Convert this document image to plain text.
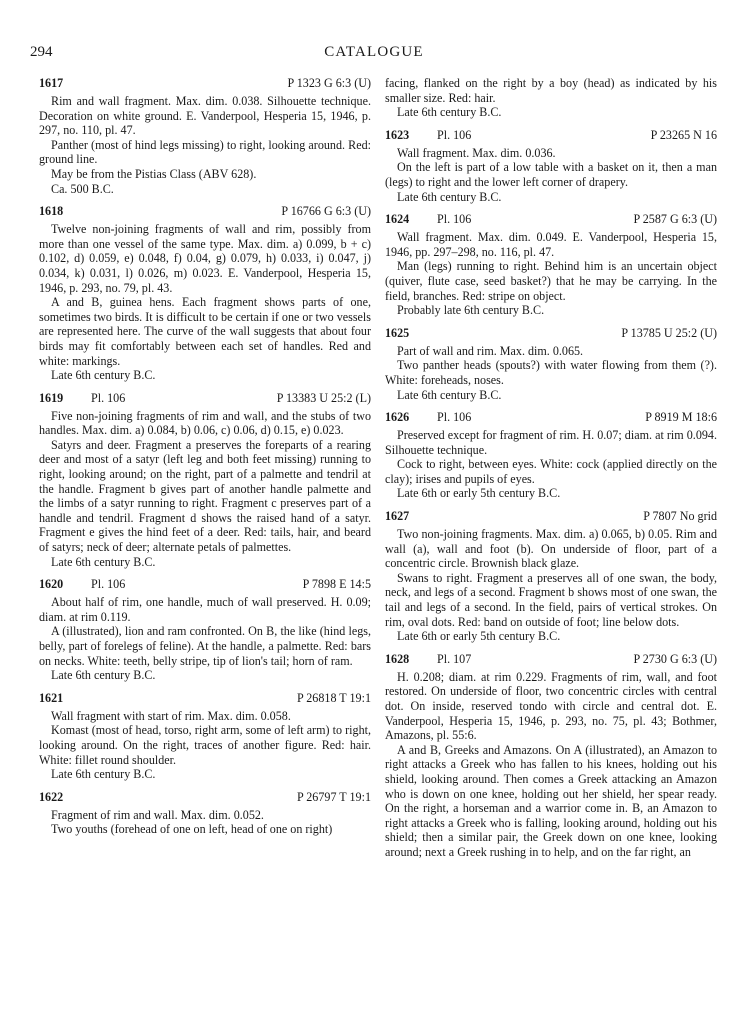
294	CATALOGUE
1617	P 1323 G 6:3 (U)

Rim and wall fragment. Max. dim. 0.038. Silhouette technique. Decoration on white ground. E. Vanderpool, Hesperia 15, 1946, p. 297, no. 110, pl. 47.

Panther (most of hind legs missing) to right, looking around. Red: ground line.

May be from the Pistias Class (ABV 628).

Ca. 500 B.C.

1618	P 16766 G 6:3 (U)

Twelve non-joining fragments of wall and rim, possibly from more than one vessel of the same type. Max. dim. a) 0.099, b + c) 0.102, d) 0.059, e) 0.048, f) 0.04, g) 0.079, h) 0.033, i) 0.047, j) 0.034, k) 0.031, l) 0.026, m) 0.023. E. Vanderpool, Hesperia 15, 1946, p. 293, no. 79, pl. 43.

A and B, guinea hens. Each fragment shows parts of one, sometimes two birds. It is difficult to be certain if one or two vessels are represented here. The curve of the wall suggests that about four birds may fit comfortably between each set of handles. Red and white: markings.

Late 6th century B.C.

1619 Pl. 106	P 13383 U 25:2 (L)

Five non-joining fragments of rim and wall, and the stubs of two handles. Max. dim. a) 0.084, b) 0.06, c) 0.06, d) 0.15, e) 0.023.

Satyrs and deer. Fragment a preserves the foreparts of a rearing deer and most of a satyr (left leg and both feet missing) running to right, looking around; on the right, part of a palmette and tendril at the handle. Fragment b gives part of another handle palmette and the limbs of a satyr running to right. Fragment c preserves part of a handle and tendril. Fragment d shows the raised hand of a satyr. Fragment e gives the hind feet of a deer. Red: tails, hair, and beard of satyrs; neck of deer; alternate petals of palmettes.

Late 6th century B.C.

1620 Pl. 106	P 7898 E 14:5

About half of rim, one handle, much of wall preserved. H. 0.09; diam. at rim 0.119.

A (illustrated), lion and ram confronted. On B, the like (hind legs, belly, part of forelegs of feline). At the handle, a palmette. Red: bars on necks. White: teeth, belly stripe, tip of lion's tail; horn of ram.

Late 6th century B.C.

1621	P 26818 T 19:1

Wall fragment with start of rim. Max. dim. 0.058.

Komast (most of head, torso, right arm, some of left arm) to right, looking around. On the right, traces of another figure. Red: hair. White: fillet round shoulder.

Late 6th century B.C.

1622	P 26797 T 19:1

Fragment of rim and wall. Max. dim. 0.052.

Two youths (forehead of one on left, head of one on right)

facing, flanked on the right by a boy (head) as indicated by his smaller size. Red: hair.

Late 6th century B.C.

1623 Pl. 106	P 23265 N 16

Wall fragment. Max. dim. 0.036.

On the left is part of a low table with a basket on it, then a man (legs) to right and the lower left corner of drapery.

Late 6th century B.C.

1624 Pl. 106	P 2587 G 6:3 (U)

Wall fragment. Max. dim. 0.049. E. Vanderpool, Hesperia 15, 1946, pp. 297–298, no. 116, pl. 47.

Man (legs) running to right. Behind him is an uncertain object (quiver, flute case, seed basket?) that he may be carrying. In the field, branches. Red: stripe on object.

Probably late 6th century B.C.

1625	P 13785 U 25:2 (U)

Part of wall and rim. Max. dim. 0.065.

Two panther heads (spouts?) with water flowing from them (?). White: foreheads, noses.

Late 6th century B.C.

1626 Pl. 106	P 8919 M 18:6

Preserved except for fragment of rim. H. 0.07; diam. at rim 0.094. Silhouette technique.

Cock to right, between eyes. White: cock (applied directly on the clay); irises and pupils of eyes.

Late 6th or early 5th century B.C.

1627	P 7807 No grid

Two non-joining fragments. Max. dim. a) 0.065, b) 0.05. Rim and wall (a), wall and foot (b). On underside of floor, part of a concentric circle. Brownish black glaze.

Swans to right. Fragment a preserves all of one swan, the body, neck, and legs of a second. Fragment b shows most of one swan, the tail and legs of a second. In the field, pairs of vertical strokes. On rim, oval dots. Red: band on outside of foot; line below dots.

Late 6th or early 5th century B.C.

1628 Pl. 107	P 2730 G 6:3 (U)

H. 0.208; diam. at rim 0.229. Fragments of rim, wall, and foot restored. On underside of floor, two concentric circles with central dot. On inside, reserved tondo with circle and central dot. E. Vanderpool, Hesperia 15, 1946, p. 293, no. 75, pl. 43; Bothmer, Amazons, pl. 55:6.

A and B, Greeks and Amazons. On A (illustrated), an Amazon to right attacks a Greek who has fallen to his knees, holding out his shield, looking around. Then comes a Greek attacking an Amazon who is down on one knee, holding out her shield, her spear ready. On the right, a horseman and a warrior come in. B, an Amazon to right attacks a Greek who is falling, looking around, holding out his shield; then a similar pair, the Greek down on one knee, looking around; next a Greek rushing in to help, and on the far right, an
